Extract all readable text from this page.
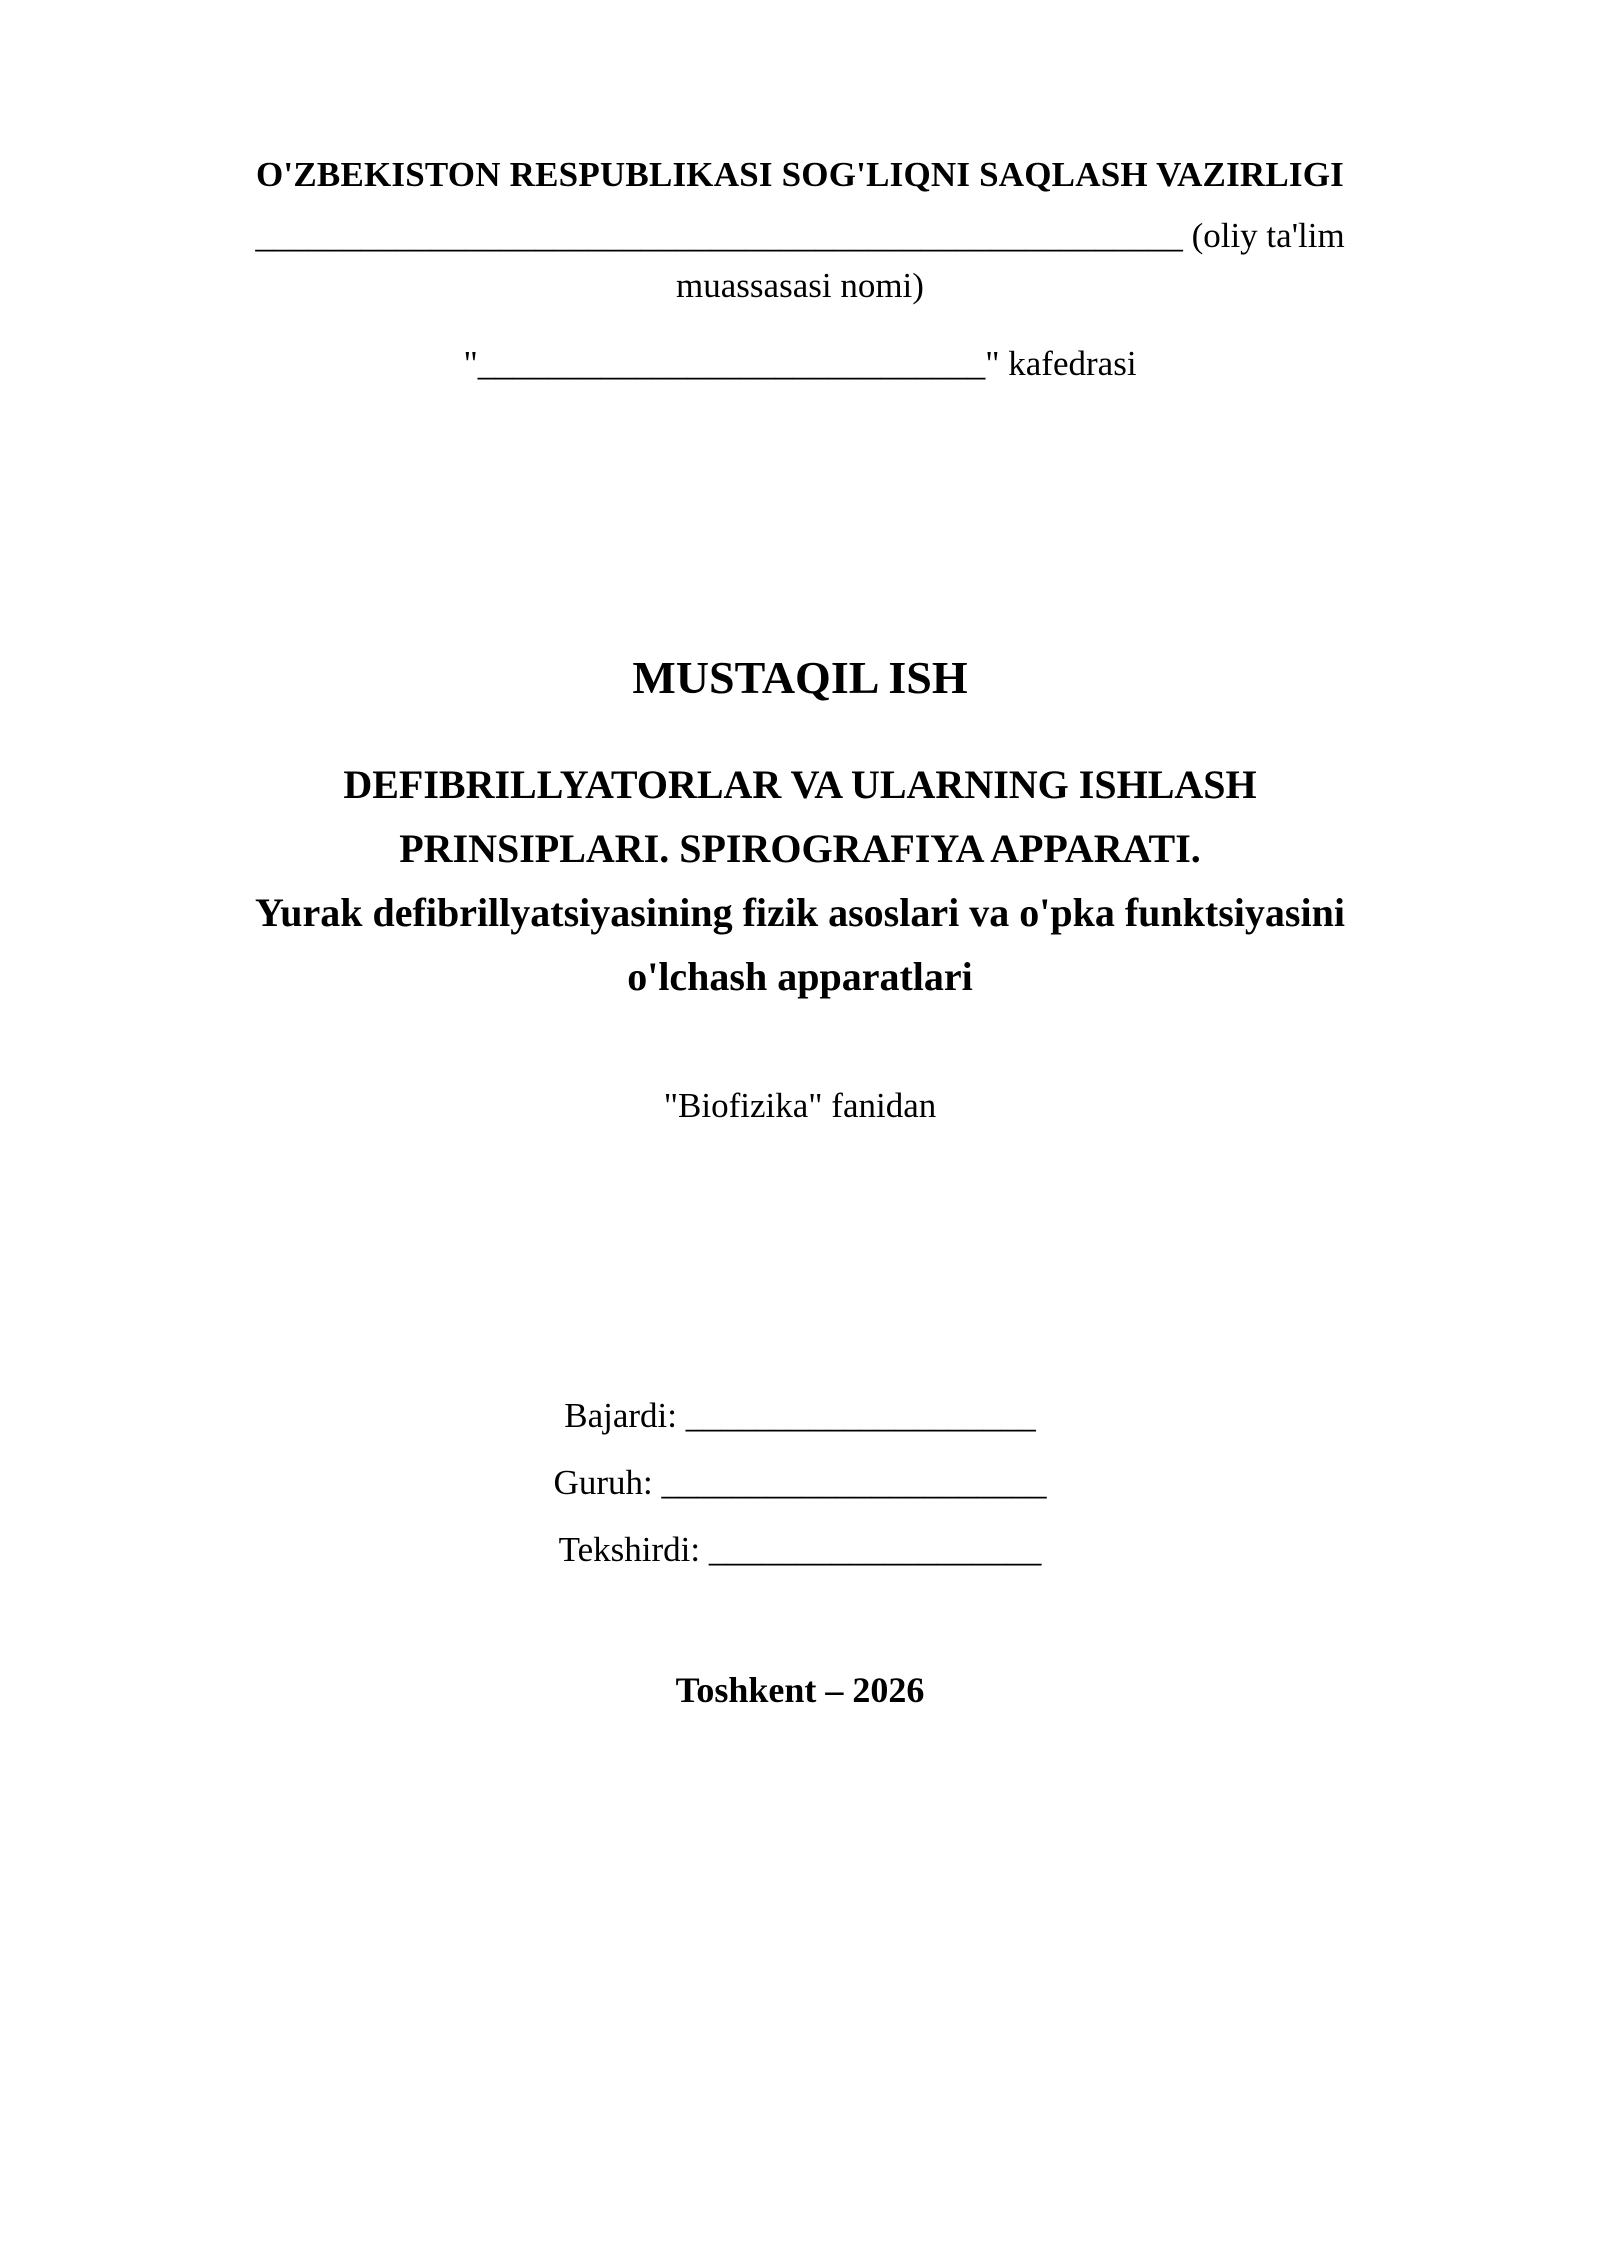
O'ZBEKISTON RESPUBLIKASI SOG'LIQNI SAQLASH VAZIRLIGI
_____________________________________________________ (oliy ta'lim
muassasasi nomi)
"_____________________________" kafedrasi
MUSTAQIL ISH
DEFIBRILLYATORLAR VA ULARNING ISHLASH
PRINSIPLARI. SPIROGRAFIYA APPARATI.
Yurak defibrillyatsiyasining fizik asoslari va o'pka funktsiyasini
o'lchash apparatlari
"Biofizika" fanidan
Bajardi: ____________________
Guruh: ______________________
Tekshirdi: ___________________
Toshkent – 2026
